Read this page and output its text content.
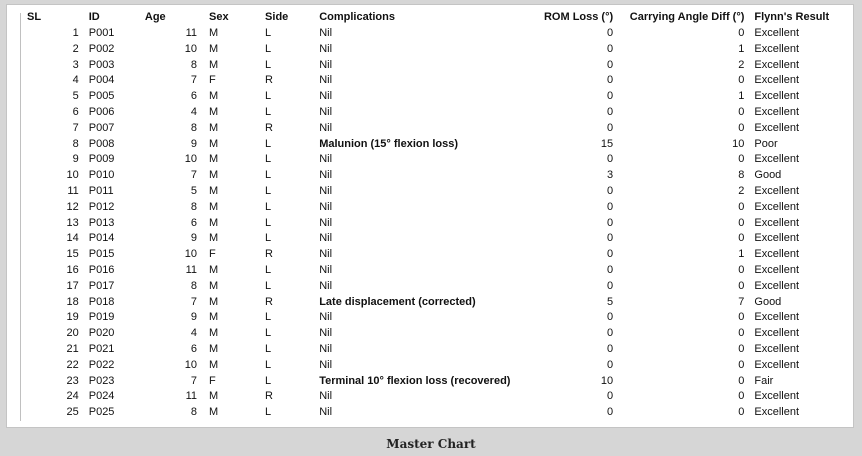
SL	ID	Age	Sex	Side	Complications	ROM Loss (°)	Carrying Angle Diff (°)	Flynn's Result
1	P001	11	M	L	Nil	0	0	Excellent
2	P002	10	M	L	Nil	0	1	Excellent
3	P003	8	M	L	Nil	0	2	Excellent
4	P004	7	F	R	Nil	0	0	Excellent
5	P005	6	M	L	Nil	0	1	Excellent
6	P006	4	M	L	Nil	0	0	Excellent
7	P007	8	M	R	Nil	0	0	Excellent
8	P008	9	M	L	Malunion (15° flexion loss)	15	10	Poor
9	P009	10	M	L	Nil	0	0	Excellent
10	P010	7	M	L	Nil	3	8	Good
11	P011	5	M	L	Nil	0	2	Excellent
12	P012	8	M	L	Nil	0	0	Excellent
13	P013	6	M	L	Nil	0	0	Excellent
14	P014	9	M	L	Nil	0	0	Excellent
15	P015	10	F	R	Nil	0	1	Excellent
16	P016	11	M	L	Nil	0	0	Excellent
17	P017	8	M	L	Nil	0	0	Excellent
18	P018	7	M	R	Late displacement (corrected)	5	7	Good
19	P019	9	M	L	Nil	0	0	Excellent
20	P020	4	M	L	Nil	0	0	Excellent
21	P021	6	M	L	Nil	0	0	Excellent
22	P022	10	M	L	Nil	0	0	Excellent
23	P023	7	F	L	Terminal 10° flexion loss (recovered)	10	0	Fair
24	P024	11	M	R	Nil	0	0	Excellent
25	P025	8	M	L	Nil	0	0	Excellent
Master Chart
